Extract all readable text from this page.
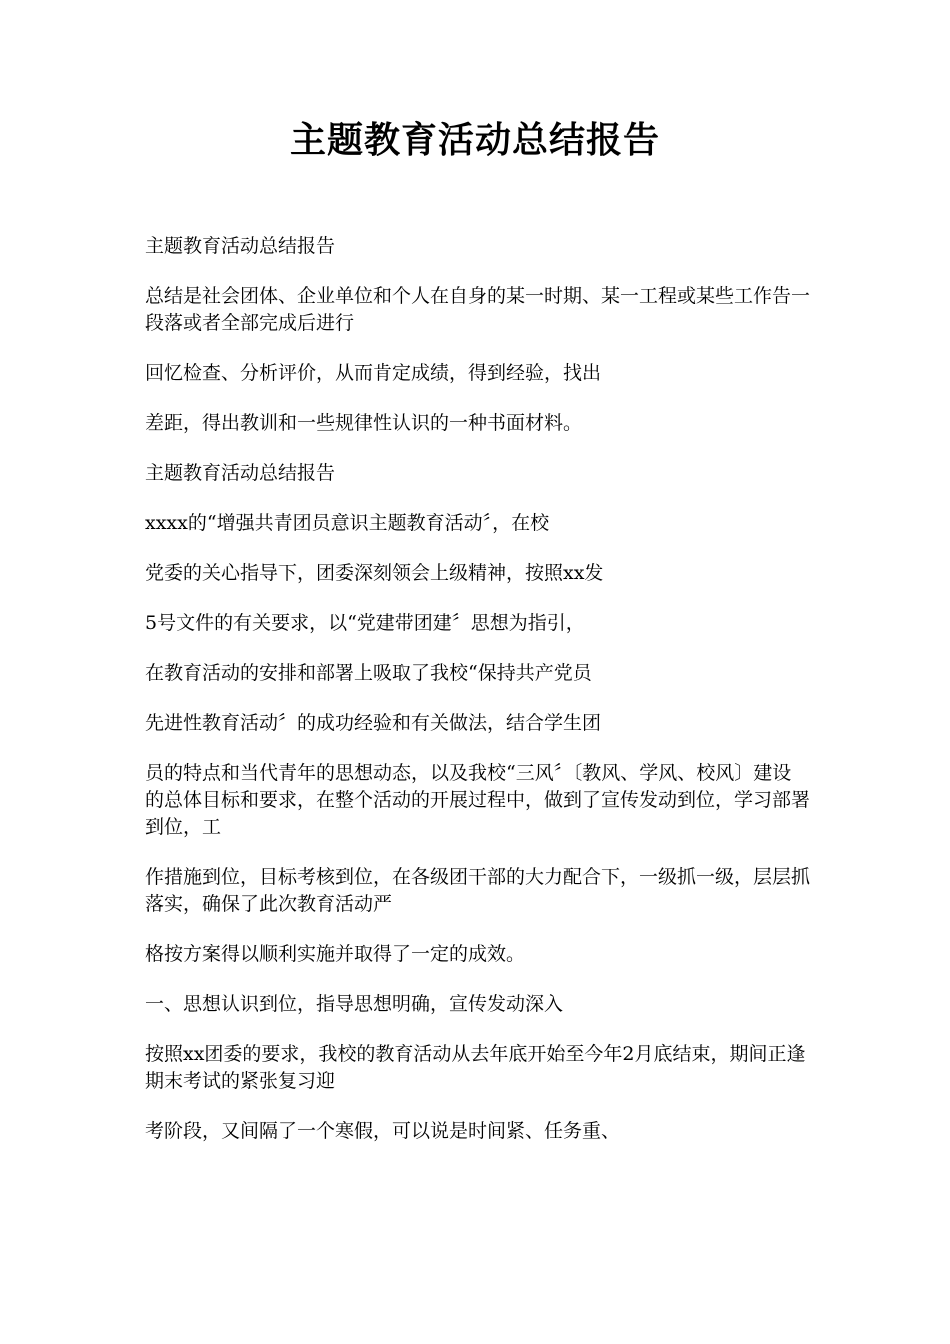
主题教育活动总结报告

主题教育活动总结报告

总结是社会团体、企业单位和个人在自身的某一时期、某一工程或某些工作告一段落或者全部完成后进行

回忆检查、分析评价，从而肯定成绩，得到经验，找出

差距，得出教训和一些规律性认识的一种书面材料。

主题教育活动总结报告

xxxx的“增强共青团员意识主题教育活动〞，在校

党委的关心指导下，团委深刻领会上级精神，按照xx发

5号文件的有关要求，以“党建带团建〞思想为指引，

在教育活动的安排和部署上吸取了我校“保持共产党员

先进性教育活动〞的成功经验和有关做法，结合学生团

员的特点和当代青年的思想动态，以及我校“三风〞〔教风、学风、校风〕建设的总体目标和要求，在整个活动的开展过程中，做到了宣传发动到位，学习部署到位，工

作措施到位，目标考核到位，在各级团干部的大力配合下，一级抓一级，层层抓落实，确保了此次教育活动严

格按方案得以顺利实施并取得了一定的成效。

一、思想认识到位，指导思想明确，宣传发动深入

按照xx团委的要求，我校的教育活动从去年底开始至今年2月底结束，期间正逢期末考试的紧张复习迎

考阶段，又间隔了一个寒假，可以说是时间紧、任务重、
